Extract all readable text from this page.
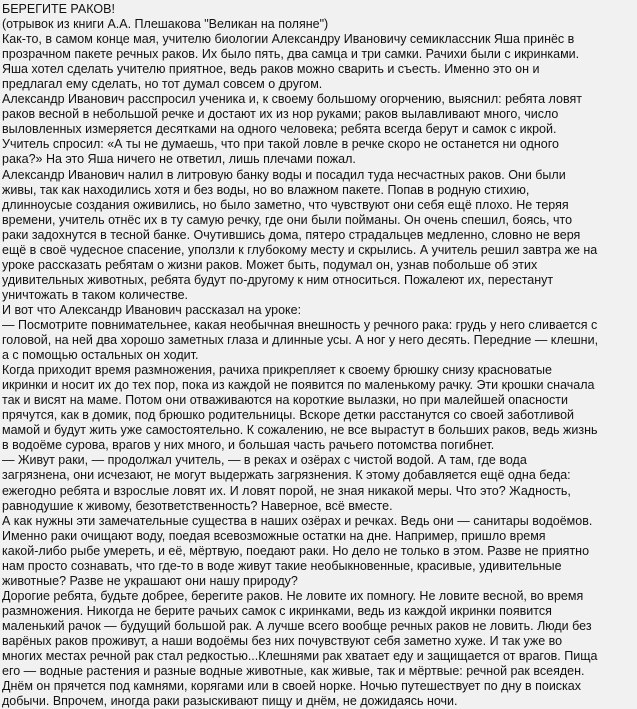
БЕРЕГИТЕ РАКОВ!
(отрывок из книги А.А. Плешакова "Великан на поляне")
Как-то, в самом конце мая, учителю биологии Александру Ивановичу семиклассник Яша принёс в
прозрачном пакете речных раков. Их было пять, два самца и три самки. Рачихи были с икринками.
Яша хотел сделать учителю приятное, ведь раков можно сварить и съесть. Именно это он и
предлагал ему сделать, но тот думал совсем о другом.
Александр Иванович расспросил ученика и, к своему большому огорчению, выяснил: ребята ловят
раков весной в небольшой речке и достают их из нор руками; раков вылавливают много, число
выловленных измеряется десятками на одного человека; ребята всегда берут и самок с икрой.
Учитель спросил: «А ты не думаешь, что при такой ловле в речке скоро не останется ни одного
рака?» На это Яша ничего не ответил, лишь плечами пожал.
Александр Иванович налил в литровую банку воды и посадил туда несчастных раков. Они были
живы, так как находились хотя и без воды, но во влажном пакете. Попав в родную стихию,
длинноусые создания оживились, но было заметно, что чувствуют они себя ещё плохо. Не теряя
времени, учитель отнёс их в ту самую речку, где они были пойманы. Он очень спешил, боясь, что
раки задохнутся в тесной банке. Очутившись дома, пятеро страдальцев медленно, словно не веря
ещё в своё чудесное спасение, уползли к глубокому месту и скрылись. А учитель решил завтра же на
уроке рассказать ребятам о жизни раков. Может быть, подумал он, узнав побольше об этих
удивительных животных, ребята будут по-другому к ним относиться. Пожалеют их, перестанут
уничтожать в таком количестве.
И вот что Александр Иванович рассказал на уроке:
— Посмотрите повнимательнее, какая необычная внешность у речного рака: грудь у него сливается с
головой, на ней два хорошо заметных глаза и длинные усы. А ног у него десять. Передние — клешни,
а с помощью остальных он ходит.
Когда приходит время размножения, рачиха прикрепляет к своему брюшку снизу красноватые
икринки и носит их до тех пор, пока из каждой не появится по маленькому рачку. Эти крошки сначала
так и висят на маме. Потом они отваживаются на короткие вылазки, но при малейшей опасности
прячутся, как в домик, под брюшко родительницы. Вскоре детки расстанутся со своей заботливой
мамой и будут жить уже самостоятельно. К сожалению, не все вырастут в больших раков, ведь жизнь
в водоёме сурова, врагов у них много, и большая часть рачьего потомства погибнет.
— Живут раки, — продолжал учитель, — в реках и озёрах с чистой водой. А там, где вода
загрязнена, они исчезают, не могут выдержать загрязнения. К этому добавляется ещё одна беда:
ежегодно ребята и взрослые ловят их. И ловят порой, не зная никакой меры. Что это? Жадность,
равнодушие к живому, безответственность? Наверное, всё вместе.
А как нужны эти замечательные существа в наших озёрах и речках. Ведь они — санитары водоёмов.
Именно раки очищают воду, поедая всевозможные остатки на дне. Например, пришло время
какой-либо рыбе умереть, и её, мёртвую, поедают раки. Но дело не только в этом. Разве не приятно
нам просто сознавать, что где-то в воде живут такие необыкновенные, красивые, удивительные
животные? Разве не украшают они нашу природу?
Дорогие ребята, будьте добрее, берегите раков. Не ловите их помногу. Не ловите весной, во время
размножения. Никогда не берите рачьих самок с икринками, ведь из каждой икринки появится
маленький рачок — будущий большой рак. А лучше всего вообще речных раков не ловить. Люди без
варёных раков проживут, а наши водоёмы без них почувствуют себя заметно хуже. И так уже во
многих местах речной рак стал редкостью...Клешнями рак хватает еду и защищается от врагов. Пища
его — водные растения и разные водные животные, как живые, так и мёртвые: речной рак всеяден.
Днём он прячется под камнями, корягами или в своей норке. Ночью путешествует по дну в поисках
добычи. Впрочем, иногда раки разыскивают пищу и днём, не дожидаясь ночи.
